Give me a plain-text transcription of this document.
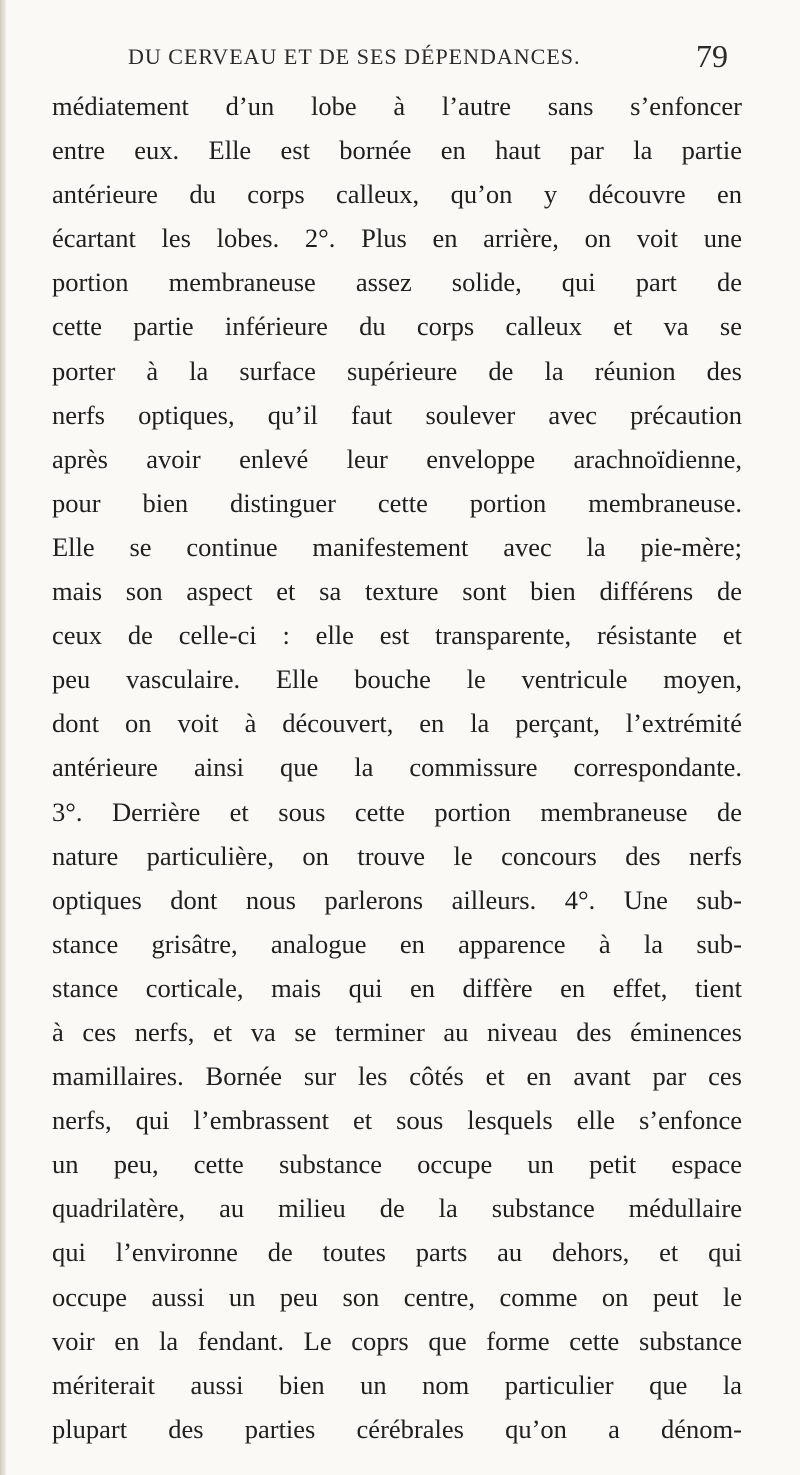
DU CERVEAU ET DE SES DÉPENDANCES.	79
médiatement d’un lobe à l’autre sans s’enfoncer
entre eux. Elle est bornée en haut par la partie
antérieure du corps calleux, qu’on y découvre en
écartant les lobes. 2°. Plus en arrière, on voit une
portion membraneuse assez solide, qui part de
cette partie inférieure du corps calleux et va se
porter à la surface supérieure de la réunion des
nerfs optiques, qu’il faut soulever avec précaution
après avoir enlevé leur enveloppe arachnoïdienne,
pour bien distinguer cette portion membraneuse.
Elle se continue manifestement avec la pie-mère;
mais son aspect et sa texture sont bien différens de
ceux de celle-ci : elle est transparente, résistante et
peu vasculaire. Elle bouche le ventricule moyen,
dont on voit à découvert, en la perçant, l’extrémité
antérieure ainsi que la commissure correspondante.
3°. Derrière et sous cette portion membraneuse de
nature particulière, on trouve le concours des nerfs
optiques dont nous parlerons ailleurs. 4°. Une sub-
stance grisâtre, analogue en apparence à la sub-
stance corticale, mais qui en diffère en effet, tient
à ces nerfs, et va se terminer au niveau des éminences
mamillaires. Bornée sur les côtés et en avant par ces
nerfs, qui l’embrassent et sous lesquels elle s’enfonce
un peu, cette substance occupe un petit espace
quadrilatère, au milieu de la substance médullaire
qui l’environne de toutes parts au dehors, et qui
occupe aussi un peu son centre, comme on peut le
voir en la fendant. Le coprs que forme cette substance
mériterait aussi bien un nom particulier que la
plupart des parties cérébrales qu’on a dénom-
